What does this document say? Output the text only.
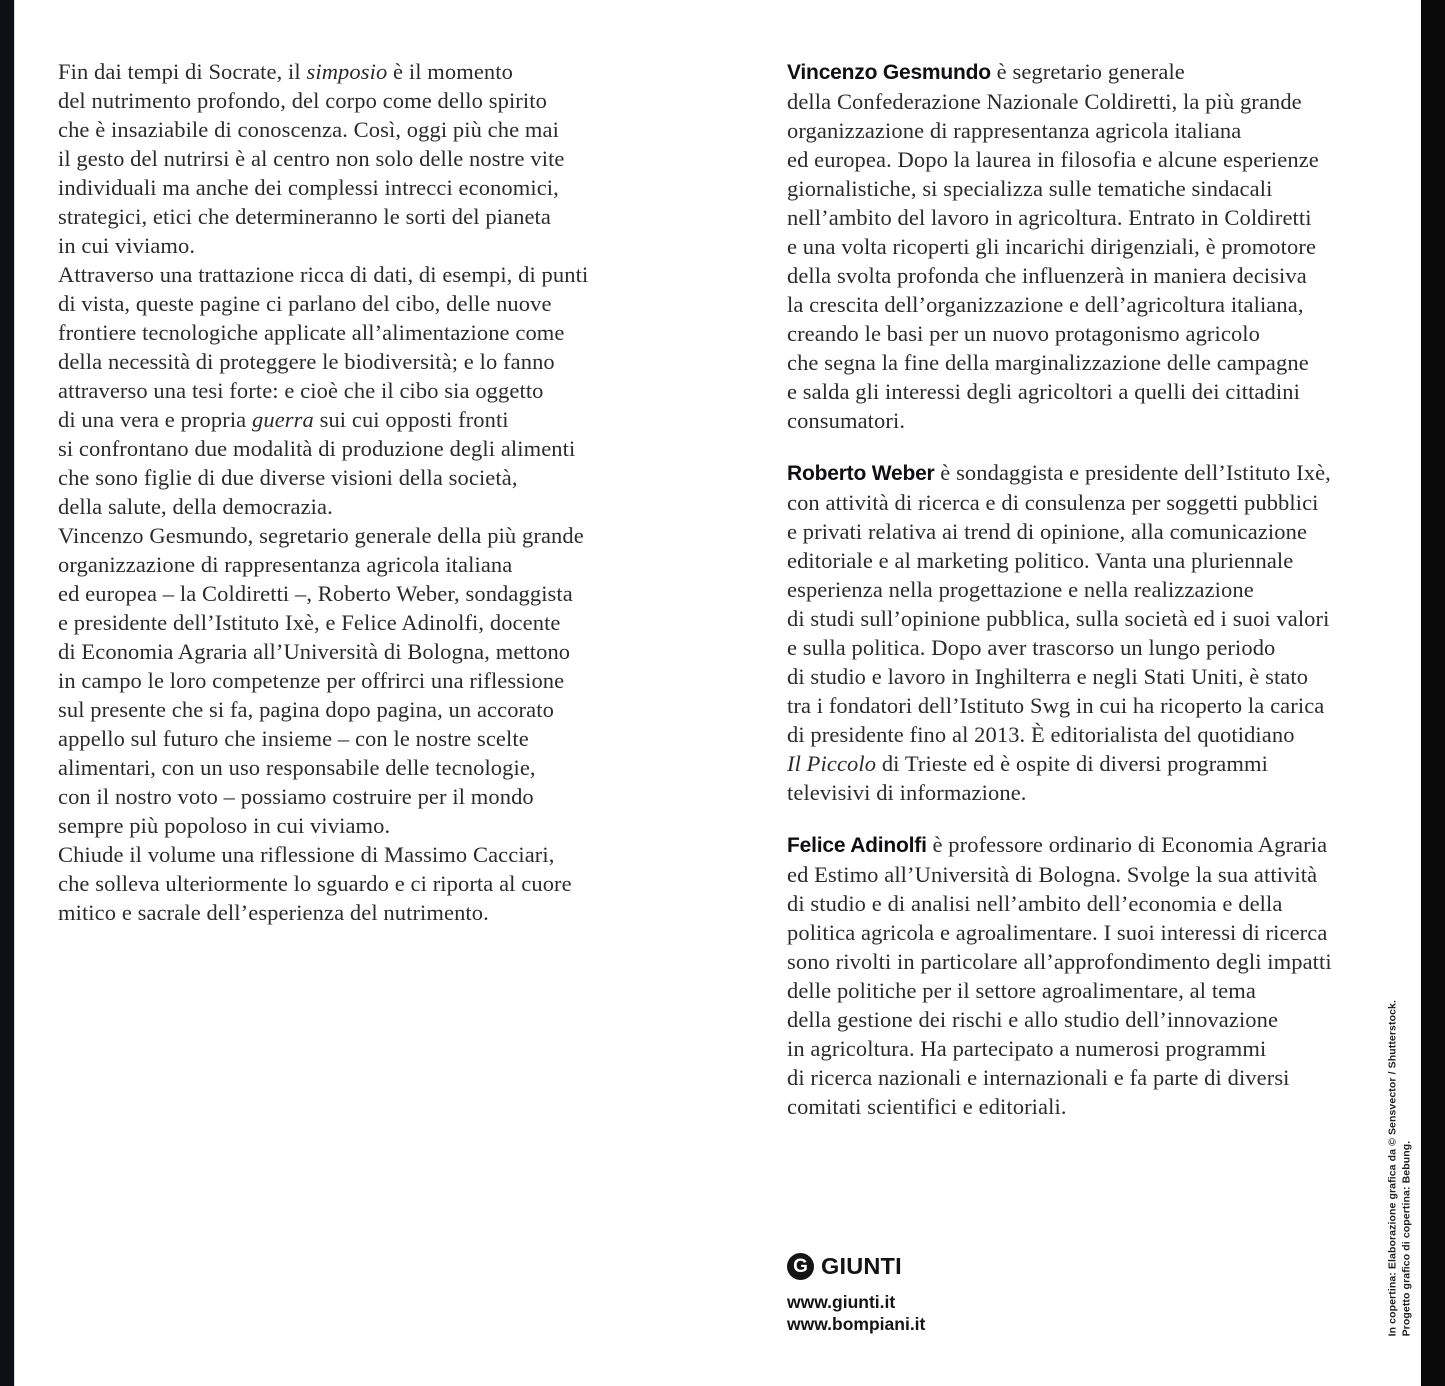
Fin dai tempi di Socrate, il simposio è il momento
del nutrimento profondo, del corpo come dello spirito
che è insaziabile di conoscenza. Così, oggi più che mai
il gesto del nutrirsi è al centro non solo delle nostre vite
individuali ma anche dei complessi intrecci economici,
strategici, etici che determineranno le sorti del pianeta
in cui viviamo.
Attraverso una trattazione ricca di dati, di esempi, di punti
di vista, queste pagine ci parlano del cibo, delle nuove
frontiere tecnologiche applicate all’alimentazione come
della necessità di proteggere le biodiversità; e lo fanno
attraverso una tesi forte: e cioè che il cibo sia oggetto
di una vera e propria guerra sui cui opposti fronti
si confrontano due modalità di produzione degli alimenti
che sono figlie di due diverse visioni della società,
della salute, della democrazia.
Vincenzo Gesmundo, segretario generale della più grande
organizzazione di rappresentanza agricola italiana
ed europea – la Coldiretti –, Roberto Weber, sondaggista
e presidente dell’Istituto Ixè, e Felice Adinolfi, docente
di Economia Agraria all’Università di Bologna, mettono
in campo le loro competenze per offrirci una riflessione
sul presente che si fa, pagina dopo pagina, un accorato
appello sul futuro che insieme – con le nostre scelte
alimentari, con un uso responsabile delle tecnologie,
con il nostro voto – possiamo costruire per il mondo
sempre più popoloso in cui viviamo.
Chiude il volume una riflessione di Massimo Cacciari,
che solleva ulteriormente lo sguardo e ci riporta al cuore
mitico e sacrale dell’esperienza del nutrimento.
Vincenzo Gesmundo è segretario generale
della Confederazione Nazionale Coldiretti, la più grande
organizzazione di rappresentanza agricola italiana
ed europea. Dopo la laurea in filosofia e alcune esperienze
giornalistiche, si specializza sulle tematiche sindacali
nell’ambito del lavoro in agricoltura. Entrato in Coldiretti
e una volta ricoperti gli incarichi dirigenziali, è promotore
della svolta profonda che influenzerà in maniera decisiva
la crescita dell’organizzazione e dell’agricoltura italiana,
creando le basi per un nuovo protagonismo agricolo
che segna la fine della marginalizzazione delle campagne
e salda gli interessi degli agricoltori a quelli dei cittadini
consumatori.
Roberto Weber è sondaggista e presidente dell’Istituto Ixè,
con attività di ricerca e di consulenza per soggetti pubblici
e privati relativa ai trend di opinione, alla comunicazione
editoriale e al marketing politico. Vanta una pluriennale
esperienza nella progettazione e nella realizzazione
di studi sull’opinione pubblica, sulla società ed i suoi valori
e sulla politica. Dopo aver trascorso un lungo periodo
di studio e lavoro in Inghilterra e negli Stati Uniti, è stato
tra i fondatori dell’Istituto Swg in cui ha ricoperto la carica
di presidente fino al 2013. È editorialista del quotidiano
Il Piccolo di Trieste ed è ospite di diversi programmi
televisivi di informazione.
Felice Adinolfi è professore ordinario di Economia Agraria
ed Estimo all’Università di Bologna. Svolge la sua attività
di studio e di analisi nell’ambito dell’economia e della
politica agricola e agroalimentare. I suoi interessi di ricerca
sono rivolti in particolare all’approfondimento degli impatti
delle politiche per il settore agroalimentare, al tema
della gestione dei rischi e allo studio dell’innovazione
in agricoltura. Ha partecipato a numerosi programmi
di ricerca nazionali e internazionali e fa parte di diversi
comitati scientifici e editoriali.
G GIUNTI
www.giunti.it
www.bompiani.it	In copertina: Elaborazione grafica da © Sensvector / Shutterstock. Progetto grafico di copertina: Bebung.
